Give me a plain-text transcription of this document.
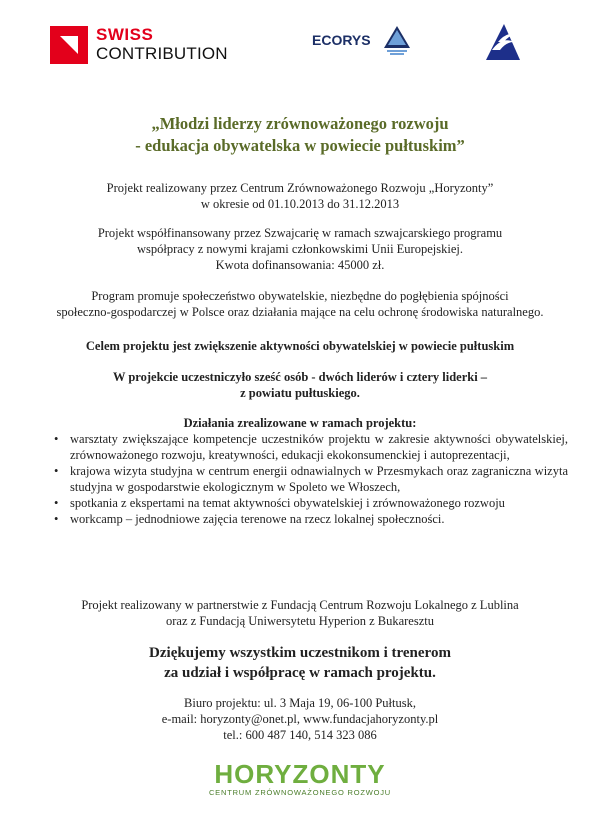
SWISS
CONTRIBUTION
ECORYS
„Młodzi liderzy zrównoważonego rozwoju
- edukacja obywatelska w powiecie pułtuskim”
Projekt realizowany przez Centrum Zrównoważonego Rozwoju „Horyzonty”
w okresie od 01.10.2013 do 31.12.2013
Projekt współfinansowany przez Szwajcarię w ramach szwajcarskiego programu
współpracy z nowymi krajami członkowskimi Unii Europejskiej.
Kwota dofinansowania: 45000 zł.
Program promuje społeczeństwo obywatelskie, niezbędne do pogłębienia spójności
społeczno-gospodarczej w Polsce oraz działania mające na celu ochronę środowiska naturalnego.
Celem projektu jest zwiększenie aktywności obywatelskiej w powiecie pułtuskim
W projekcie uczestniczyło sześć osób - dwóch liderów i cztery liderki –
z powiatu pułtuskiego.
Działania zrealizowane w ramach projektu:
• warsztaty zwiększające kompetencje uczestników projektu w zakresie aktywności obywatelskiej, zrównoważonego rozwoju, kreatywności, edukacji ekokonsumenckiej i autoprezentacji,
• krajowa wizyta studyjna w centrum energii odnawialnych w Przesmykach oraz zagraniczna wizyta studyjna w gospodarstwie ekologicznym w Spoleto we Włoszech,
• spotkania z ekspertami na temat aktywności obywatelskiej i zrównoważonego rozwoju
• workcamp – jednodniowe zajęcia terenowe na rzecz lokalnej społeczności.
Projekt realizowany w partnerstwie z Fundacją Centrum Rozwoju Lokalnego z Lublina
oraz z Fundacją Uniwersytetu Hyperion z Bukaresztu
Dziękujemy wszystkim uczestnikom i trenerom
za udział i współpracę w ramach projektu.
Biuro projektu: ul. 3 Maja 19, 06-100 Pułtusk,
e-mail: horyzonty@onet.pl, www.fundacjahoryzonty.pl
tel.: 600 487 140, 514 323 086
HORYZONTY
CENTRUM ZRÓWNOWAŻONEGO ROZWOJU
